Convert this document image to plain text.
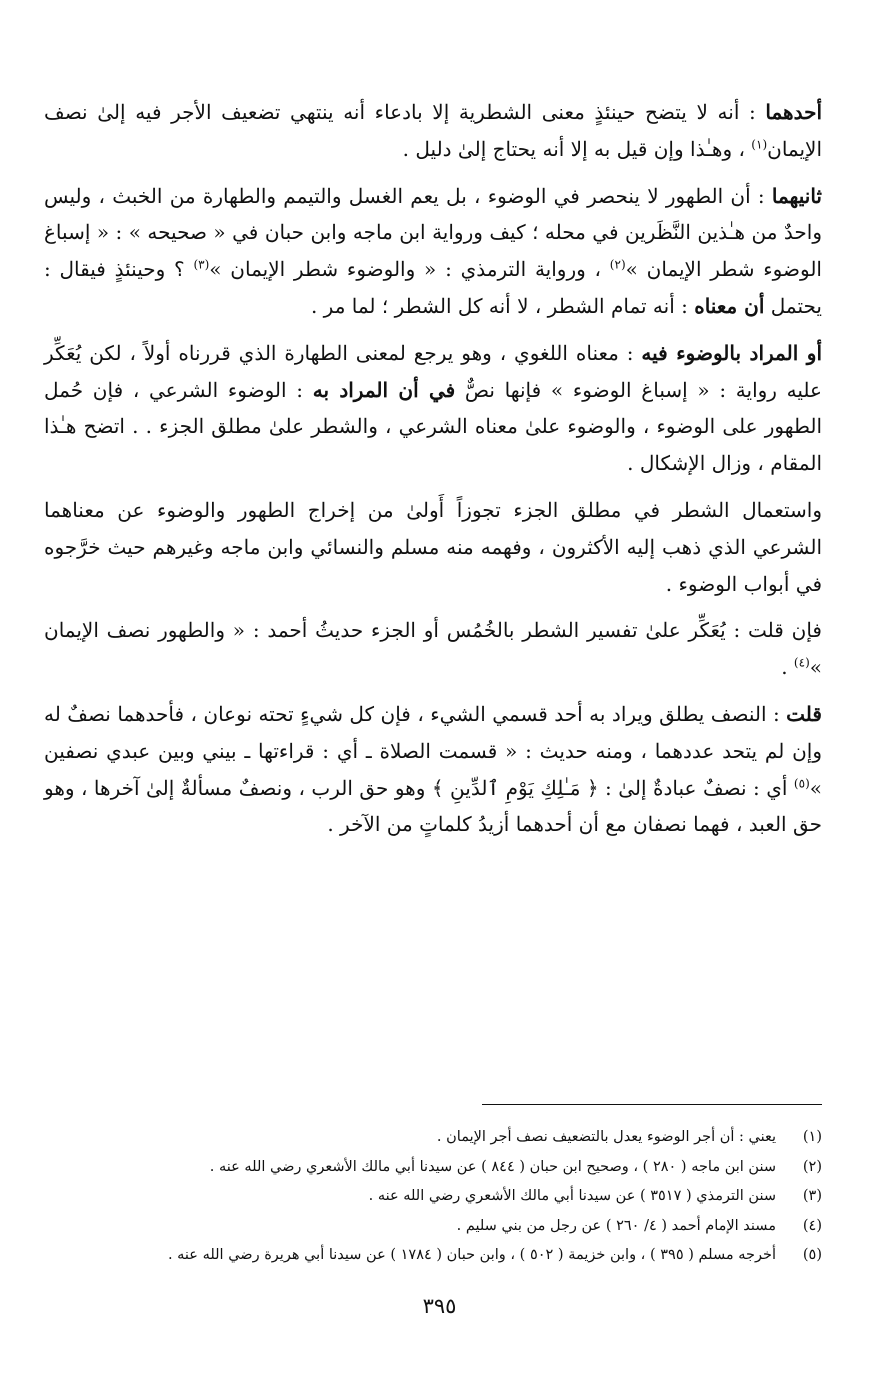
أحدهما : أنه لا يتضح حينئذٍ معنى الشطرية إلا بادعاء أنه ينتهي تضعيف الأجر فيه إلىٰ نصف الإيمان$^{(١)}$ ، وهـٰذا وإن قيل به إلا أنه يحتاج إلىٰ دليل .

ثانيهما : أن الطهور لا ينحصر في الوضوء ، بل يعم الغسل والتيمم والطهارة من الخبث ، وليس واحدٌ من هـٰذين النَّظَرين في محله ؛ كيف ورواية ابن ماجه وابن حبان في « صحيحه » : « إسباغ الوضوء شطر الإيمان »$^{(٢)}$ ، ورواية الترمذي : « والوضوء شطر الإيمان »$^{(٣)}$ ؟ وحينئذٍ فيقال : يحتمل أن معناه : أنه تمام الشطر ، لا أنه كل الشطر ؛ لما مر .

أو المراد بالوضوء فيه : معناه اللغوي ، وهو يرجع لمعنى الطهارة الذي قررناه أولاً ، لكن يُعَكِّر عليه رواية : « إسباغ الوضوء » فإنها نصٌّ في أن المراد به : الوضوء الشرعي ، فإن حُمل الطهور على الوضوء ، والوضوء علىٰ معناه الشرعي ، والشطر علىٰ مطلق الجزء . . اتضح هـٰذا المقام ، وزال الإشكال .

واستعمال الشطر في مطلق الجزء تجوزاً أَولىٰ من إخراج الطهور والوضوء عن معناهما الشرعي الذي ذهب إليه الأكثرون ، وفهمه منه مسلم والنسائي وابن ماجه وغيرهم حيث خرَّجوه في أبواب الوضوء .

فإن قلت : يُعَكِّر علىٰ تفسير الشطر بالخُمُس أو الجزء حديثُ أحمد : « والطهور نصف الإيمان »$^{(٤)}$ .

قلت : النصف يطلق ويراد به أحد قسمي الشيء ، فإن كل شيءٍ تحته نوعان ، فأحدهما نصفٌ له وإن لم يتحد عددهما ، ومنه حديث : « قسمت الصلاة ـ أي : قراءتها ـ بيني وبين عبدي نصفين »$^{(٥)}$ أي : نصفٌ عبادةٌ إلىٰ : ﴿ مَـٰلِكِ يَوْمِ ٱلدِّينِ ﴾ وهو حق الرب ، ونصفٌ مسألةٌ إلىٰ آخرها ، وهو حق العبد ، فهما نصفان مع أن أحدهما أزيدُ كلماتٍ من الآخر .

(١)
يعني : أن أجر الوضوء يعدل بالتضعيف نصف أجر الإيمان .
(٢)
سنن ابن ماجه ( ٢٨٠ ) ، وصحيح ابن حبان ( ٨٤٤ ) عن سيدنا أبي مالك الأشعري رضي الله عنه .
(٣)
سنن الترمذي ( ٣٥١٧ ) عن سيدنا أبي مالك الأشعري رضي الله عنه .
(٤)
مسند الإمام أحمد ( ٤/ ٢٦٠ ) عن رجل من بني سليم .
(٥)
أخرجه مسلم ( ٣٩٥ ) ، وابن خزيمة ( ٥٠٢ ) ، وابن حبان ( ١٧٨٤ ) عن سيدنا أبي هريرة رضي الله عنه .
٣٩٥
